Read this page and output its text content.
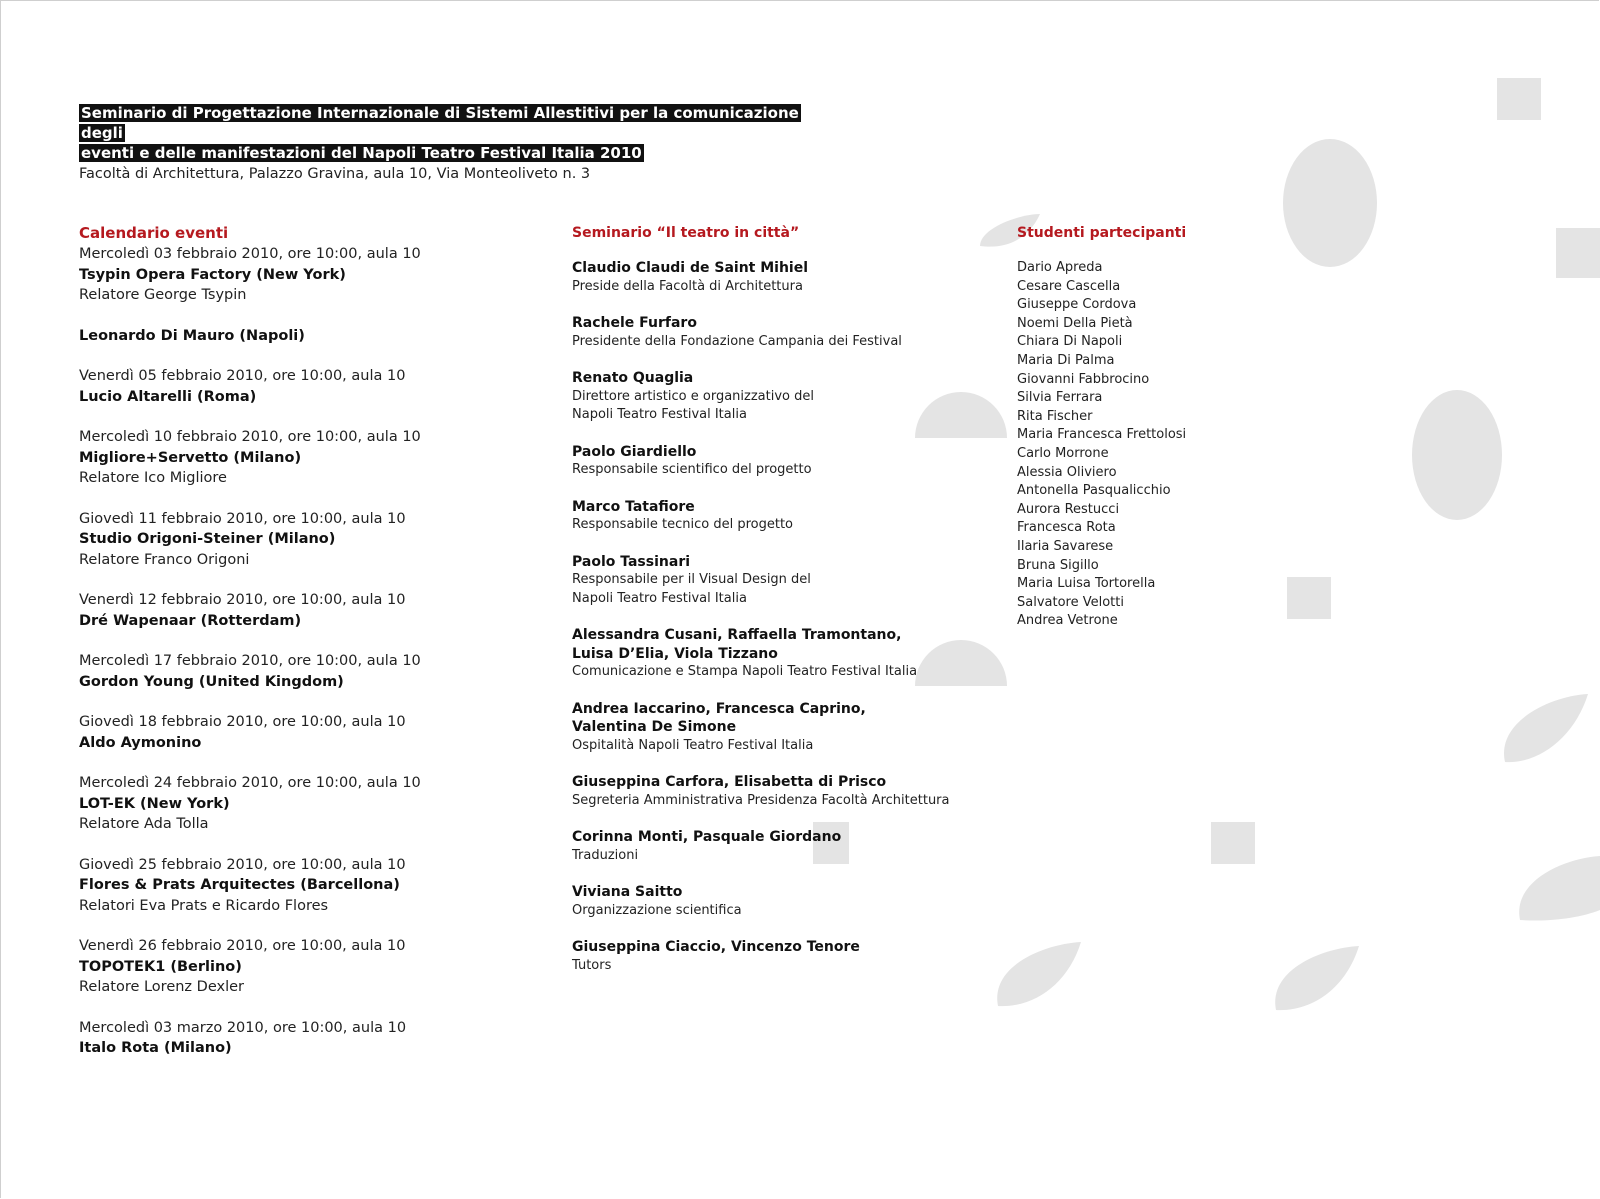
Seminario di Progettazione Internazionale di Sistemi Allestitivi per la comunicazione degli
eventi e delle manifestazioni del Napoli Teatro Festival Italia 2010
Facoltà di Architettura, Palazzo Gravina, aula 10, Via Monteoliveto n. 3
Calendario eventi
Mercoledì 03 febbraio 2010, ore 10:00, aula 10
Tsypin Opera Factory (New York)
Relatore George Tsypin
Leonardo Di Mauro (Napoli)
Venerdì 05 febbraio 2010, ore 10:00, aula 10
Lucio Altarelli (Roma)
Mercoledì 10 febbraio 2010, ore 10:00, aula 10
Migliore+Servetto (Milano)
Relatore Ico Migliore
Giovedì 11 febbraio 2010, ore 10:00, aula 10
Studio Origoni-Steiner (Milano)
Relatore Franco Origoni
Venerdì 12 febbraio 2010, ore 10:00, aula 10
Dré Wapenaar (Rotterdam)
Mercoledì 17 febbraio 2010, ore 10:00, aula 10
Gordon Young (United Kingdom)
Giovedì 18 febbraio 2010, ore 10:00, aula 10
Aldo Aymonino
Mercoledì 24 febbraio 2010, ore 10:00, aula 10
LOT-EK (New York)
Relatore Ada Tolla
Giovedì 25 febbraio 2010, ore 10:00, aula 10
Flores & Prats Arquitectes (Barcellona)
Relatori Eva Prats e Ricardo Flores
Venerdì 26 febbraio 2010, ore 10:00, aula 10
TOPOTEK1 (Berlino)
Relatore Lorenz Dexler
Mercoledì 03 marzo 2010, ore 10:00, aula 10
Italo Rota (Milano)
Seminario “Il teatro in città”
Claudio Claudi de Saint Mihiel
Preside della Facoltà di Architettura
Rachele Furfaro
Presidente della Fondazione Campania dei Festival
Renato Quaglia
Direttore artistico e organizzativo del
Napoli Teatro Festival Italia
Paolo Giardiello
Responsabile scientifico del progetto
Marco Tatafiore
Responsabile tecnico del progetto
Paolo Tassinari
Responsabile per il Visual Design del
Napoli Teatro Festival Italia
Alessandra Cusani, Raffaella Tramontano,
Luisa D’Elia, Viola Tizzano
Comunicazione e Stampa Napoli Teatro Festival Italia
Andrea Iaccarino, Francesca Caprino,
Valentina De Simone
Ospitalità Napoli Teatro Festival Italia
Giuseppina Carfora, Elisabetta di Prisco
Segreteria Amministrativa Presidenza Facoltà Architettura
Corinna Monti, Pasquale Giordano
Traduzioni
Viviana Saitto
Organizzazione scientifica
Giuseppina Ciaccio, Vincenzo Tenore
Tutors
Studenti partecipanti
Dario Apreda
Cesare Cascella
Giuseppe Cordova
Noemi Della Pietà
Chiara Di Napoli
Maria Di Palma
Giovanni Fabbrocino
Silvia Ferrara
Rita Fischer
Maria Francesca Frettolosi
Carlo Morrone
Alessia Oliviero
Antonella Pasqualicchio
Aurora Restucci
Francesca Rota
Ilaria Savarese
Bruna Sigillo
Maria Luisa Tortorella
Salvatore Velotti
Andrea Vetrone
